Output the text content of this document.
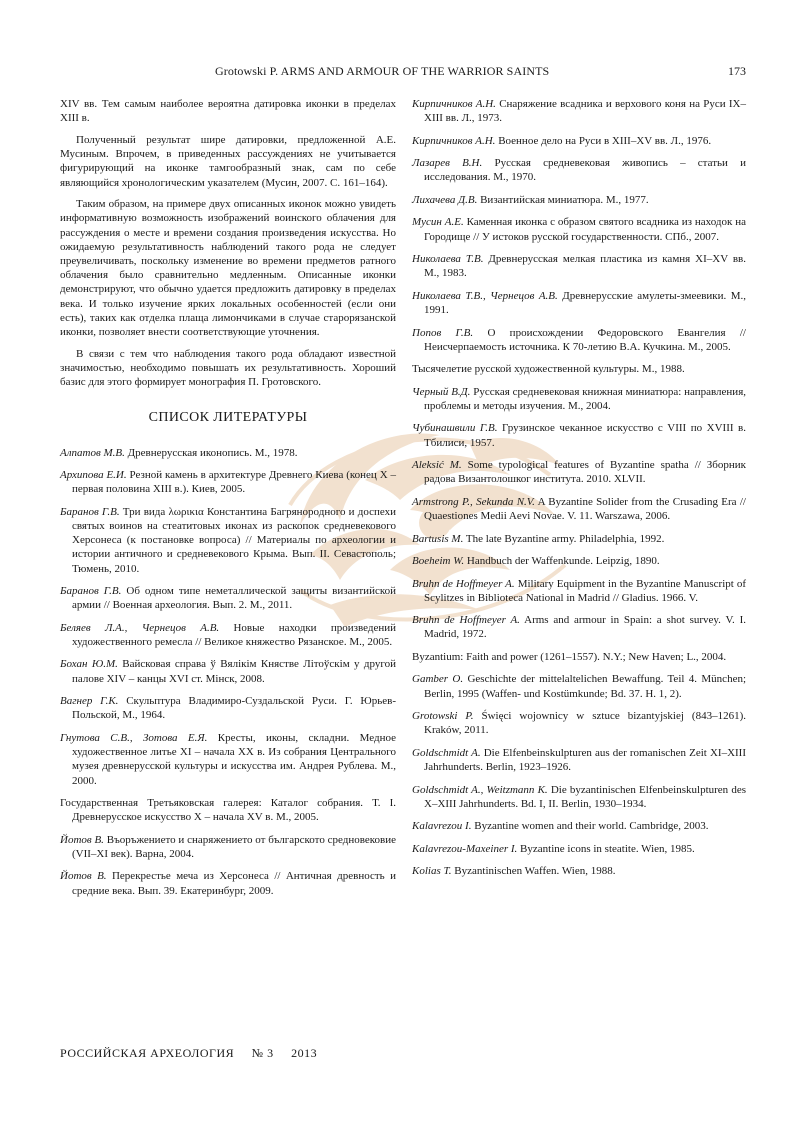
Grotowski P. ARMS AND ARMOUR OF THE WARRIOR SAINTS	173

XIV вв. Тем самым наиболее вероятна датировка иконки в пределах XIII в.

Полученный результат шире датировки, предложенной А.Е. Мусиным. Впрочем, в приведенных рассуждениях не учитывается фигурирующий на иконке тамгообразный знак, сам по себе являющийся хронологическим указателем (Мусин, 2007. С. 161–164).

Таким образом, на примере двух описанных иконок можно увидеть информативную возможность изображений воинского облачения для рассуждения о месте и времени создания произведения искусства. Но ожидаемую результативность наблюдений такого рода не следует преувеличивать, поскольку изменение во времени предметов ратного облачения было сравнительно медленным. Описанные иконки демонстрируют, что обычно удается предложить датировку в пределах века. И только изучение ярких локальных особенностей (если они есть), таких как отделка плаща лимончиками в случае старорязанской иконки, позволяет внести соответствующие уточнения.

В связи с тем что наблюдения такого рода обладают известной значимостью, необходимо повышать их результативность. Хороший базис для этого формирует монография П. Гротовского.

СПИСОК ЛИТЕРАТУРЫ

Алпатов М.В. Древнерусская иконопись. М., 1978.

Архипова Е.И. Резной камень в архитектуре Древнего Киева (конец X – первая половина XIII в.). Киев, 2005.

Баранов Г.В. Три вида λωρικια Константина Багрянородного и доспехи святых воинов на стеатитовых иконах из раскопок средневекового Херсонеса (к постановке вопроса) // Материалы по археологии и истории античного и средневекового Крыма. Вып. II. Севастополь; Тюмень, 2010.

Баранов Г.В. Об одном типе неметаллической защиты византийской армии // Военная археология. Вып. 2. М., 2011.

Беляев Л.А., Чернецов А.В. Новые находки произведений художественного ремесла // Великое княжество Рязанское. М., 2005.

Бохан Ю.М. Вайсковая справа ў Вялікім Княстве Літоўскім у другой палове XIV – канцы XVI ст. Мінск, 2008.

Вагнер Г.К. Скульптура Владимиро-Суздальской Руси. Г. Юрьев-Польской, М., 1964.

Гнутова С.В., Зотова Е.Я. Кресты, иконы, складни. Медное художественное литье XI – начала XX в. Из собрания Центрального музея древнерусской культуры и искусства им. Андрея Рублева. М., 2000.

Государственная Третьяковская галерея: Каталог собрания. Т. I. Древнерусское искусство X – начала XV в. М., 2005.

Йотов В. Въоръжението и снаряжението от българското средновековие (VII–XI век). Варна, 2004.

Йотов В. Перекрестье меча из Херсонеса // Античная древность и средние века. Вып. 39. Екатеринбург, 2009.

Кирпичников А.Н. Снаряжение всадника и верхового коня на Руси IX–XIII вв. Л., 1973.

Кирпичников А.Н. Военное дело на Руси в XIII–XV вв. Л., 1976.

Лазарев В.Н. Русская средневековая живопись – статьи и исследования. М., 1970.

Лихачева Д.В. Византийская миниатюра. М., 1977.

Мусин А.Е. Каменная иконка с образом святого всадника из находок на Городище // У истоков русской государственности. СПб., 2007.

Николаева Т.В. Древнерусская мелкая пластика из камня XI–XV вв. М., 1983.

Николаева Т.В., Чернецов А.В. Древнерусские амулеты-змеевики. М., 1991.

Попов Г.В. О происхождении Федоровского Евангелия // Неисчерпаемость источника. К 70-летию В.А. Кучкина. М., 2005.

Тысячелетие русской художественной культуры. М., 1988.

Черный В.Д. Русская средневековая книжная миниатюра: направления, проблемы и методы изучения. М., 2004.

Чубинашвили Г.В. Грузинское чеканное искусство с VIII по XVIII в. Тбилиси, 1957.

Aleksić M. Some typological features of Byzantine spatha // Зборник радова Византолошког института. 2010. XLVII.

Armstrong P., Sekunda N.V. A Byzantine Solider from the Crusading Era // Quaestiones Medii Aevi Novae. V. 11. Warszawa, 2006.

Bartusis M. The late Byzantine army. Philadelphia, 1992.

Boeheim W. Handbuch der Waffenkunde. Leipzig, 1890.

Bruhn de Hoffmeyer A. Military Equipment in the Byzantine Manuscript of Scylitzes in Biblioteca National in Madrid // Gladius. 1966. V.

Bruhn de Hoffmeyer A. Arms and armour in Spain: a shot survey. V. I. Madrid, 1972.

Byzantium: Faith and power (1261–1557). N.Y.; New Haven; L., 2004.

Gamber O. Geschichte der mittelaltelichen Bewaffung. Teil 4. München; Berlin, 1995 (Waffen- und Kostümkunde; Bd. 37. H. 1, 2).

Grotowski P. Święci wojownicy w sztuce bizantyjskiej (843–1261). Kraków, 2011.

Goldschmidt A. Die Elfenbeinskulpturen aus der romanischen Zeit XI–XIII Jahrhunderts. Berlin, 1923–1926.

Goldschmidt A., Weitzmann K. Die byzantinischen Elfenbeinskulpturen des X–XIII Jahrhunderts. Bd. I, II. Berlin, 1930–1934.

Kalavrezou I. Byzantine women and their world. Cambridge, 2003.

Kalavrezou-Maxeiner I. Byzantine icons in steatite. Wien, 1985.

Kolias T. Byzantinischen Waffen. Wien, 1988.

РОССИЙСКАЯ АРХЕОЛОГИЯ № 3 2013
